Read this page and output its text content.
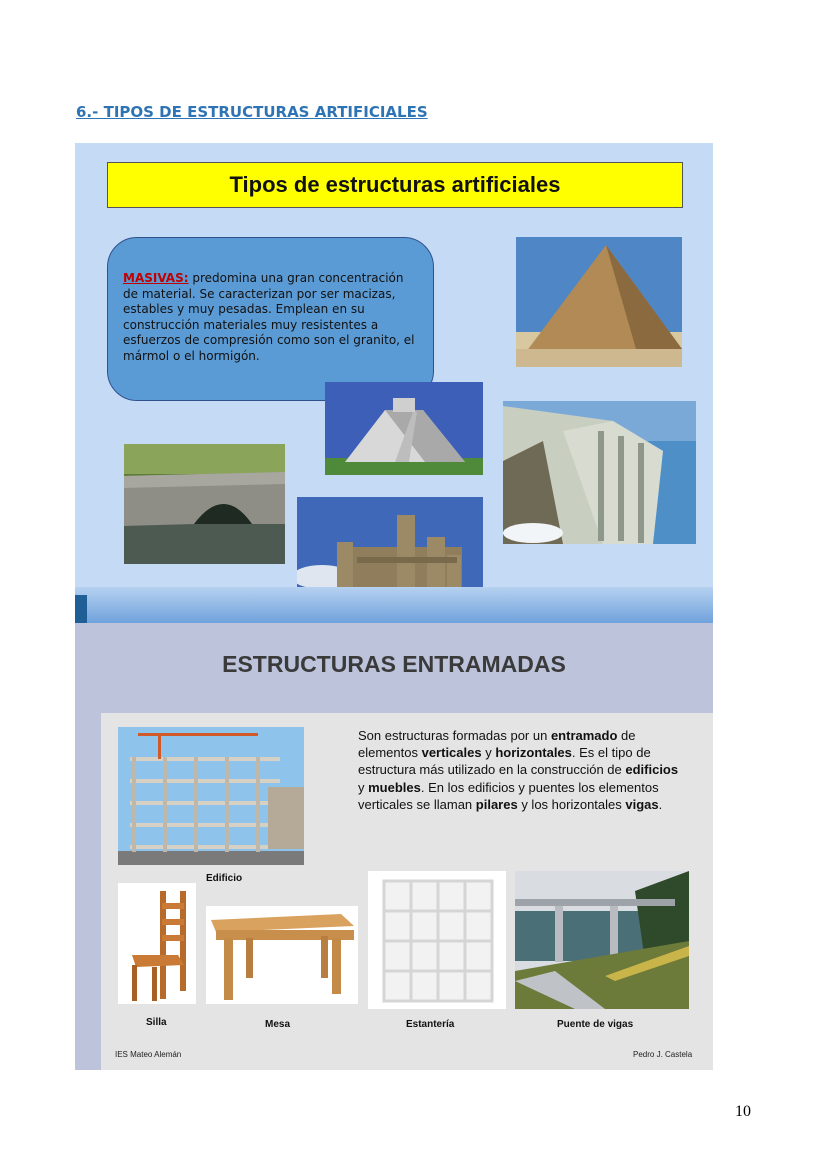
6.- TIPOS DE ESTRUCTURAS ARTIFICIALES
Tipos de estructuras artificiales
MASIVAS: predomina una gran concentración de material. Se caracterizan por ser macizas, estables y muy pesadas. Emplean en su construcción materiales muy resistentes a esfuerzos de compresión como son el granito, el mármol o el hormigón.
ESTRUCTURAS ENTRAMADAS
Edificio
Son estructuras formadas por un entramado de elementos verticales y horizontales. Es el tipo de estructura más utilizado en la construcción de edificios y muebles. En los edificios y puentes los elementos verticales se llaman pilares y los horizontales vigas.
Silla	Mesa	Estantería	Puente de vigas
IES Mateo Alemán	Pedro J. Castela
10
